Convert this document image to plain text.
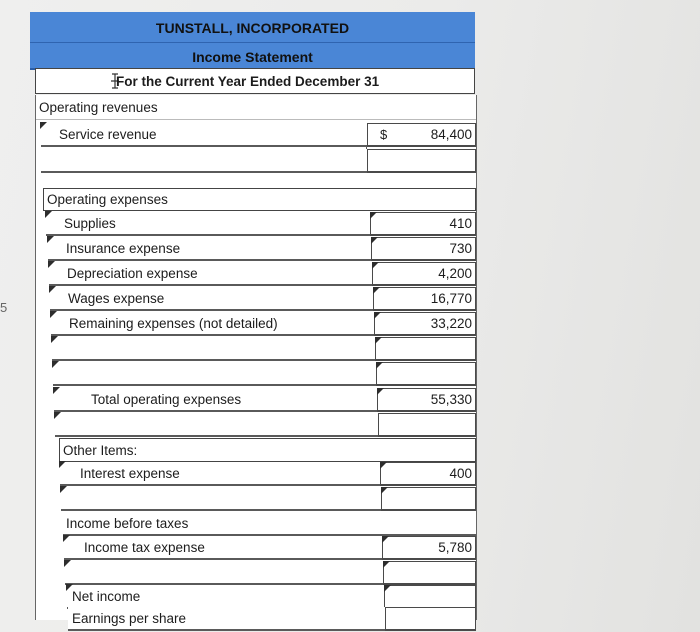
5
TUNSTALL, INCORPORATED
Income Statement
For the Current Year Ended December 31
Operating revenues
Service revenue	$	84,400
Operating expenses
Supplies	410
Insurance expense	730
Depreciation expense	4,200
Wages expense	16,770
Remaining expenses (not detailed)	33,220
Total operating expenses	55,330
Other Items:
Interest expense	400
Income before taxes
Income tax expense	5,780
Net income
Earnings per share
